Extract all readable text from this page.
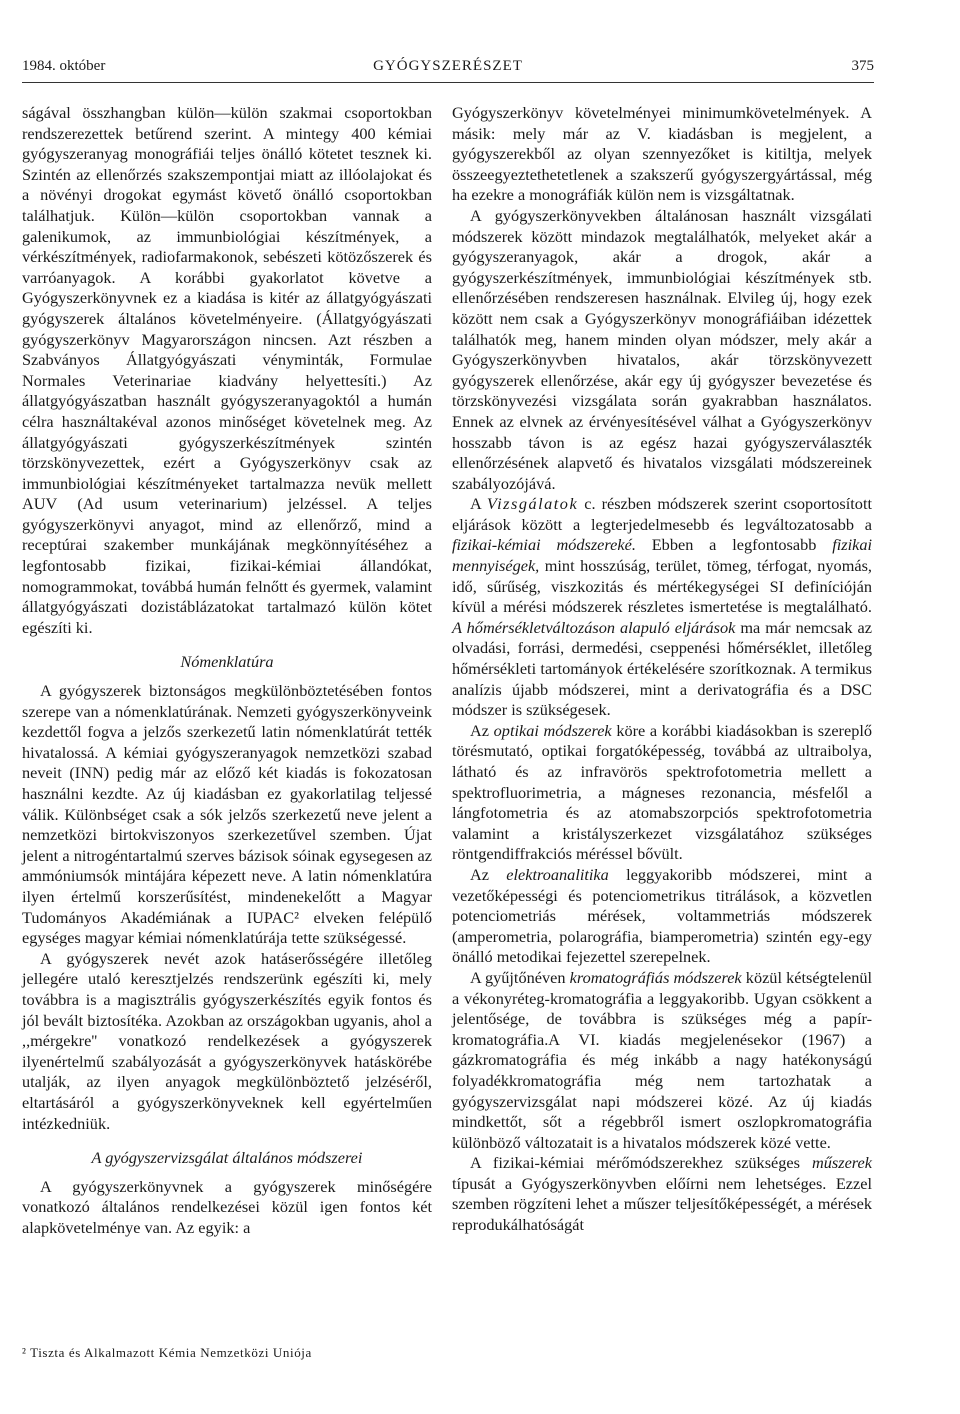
1984. október	GYÓGYSZERÉSZET	375

ságával összhangban külön—külön szakmai csoportokban rendszerezettek betűrend szerint. A mintegy 400 kémiai gyógyszeranyag monográfiái teljes önálló kötetet tesznek ki. Szintén az ellenőrzés szakszempontjai miatt az illóolajokat és a növényi drogokat egymást követő önálló csoportokban találhatjuk. Külön—külön csoportokban vannak a galenikumok, az immunbiológiai készítmények, a vérkészítmények, radiofarmakonok, sebészeti kötözőszerek és varróanyagok. A korábbi gyakorlatot követve a Gyógyszerkönyvnek ez a kiadása is kitér az állatgyógyászati gyógyszerek általános követelményeire. (Állatgyógyászati gyógyszerkönyv Magyarországon nincsen. Azt részben a Szabványos Állatgyógyászati vényminták, Formulae Normales Veterinariae kiadvány helyettesíti.) Az állatgyógyászatban használt gyógyszeranyagoktól a humán célra használtakéval azonos minőséget követelnek meg. Az állatgyógyászati gyógyszerkészítmények szintén törzskönyvezettek, ezért a Gyógyszerkönyv csak az immunbiológiai készítményeket tartalmazza nevük mellett AUV (Ad usum veterinarium) jelzéssel. A teljes gyógyszerkönyvi anyagot, mind az ellenőrző, mind a receptúrai szakember munkájának megkönnyítéséhez a legfontosabb fizikai, fizikai-kémiai állandókat, nomogrammokat, továbbá humán felnőtt és gyermek, valamint állatgyógyászati dozistáblázatokat tartalmazó külön kötet egészíti ki.

Nómenklatúra

A gyógyszerek biztonságos megkülönböztetésében fontos szerepe van a nómenklatúrának. Nemzeti gyógyszerkönyveink kezdettől fogva a jelzős szerkezetű latin nómenklatúrát tették hivatalossá. A kémiai gyógyszeranyagok nemzetközi szabad neveit (INN) pedig már az előző két kiadás is fokozatosan használni kezdte. Az új kiadásban ez gyakorlatilag teljessé válik. Különbséget csak a sók jelzős szerkezetű neve jelent a nemzetközi birtokviszonyos szerkezetűvel szemben. Újat jelent a nitrogéntartalmú szerves bázisok sóinak egysegesen az ammóniumsók mintájára képezett neve. A latin nómenklatúra ilyen értelmű korszerűsítést, mindenekelőtt a Magyar Tudományos Akadémiának a IUPAC² elveken felépülő egységes magyar kémiai nómenklatúrája tette szükségessé.

A gyógyszerek nevét azok hatáserősségére illetőleg jellegére utaló keresztjelzés rendszerünk egészíti ki, mely továbbra is a magisztrális gyógyszerkészítés egyik fontos és jól bevált biztosítéka. Azokban az országokban ugyanis, ahol a ,,mérgekre'' vonatkozó rendelkezések a gyógyszerek ilyenértelmű szabályozását a gyógyszerkönyvek hatáskörébe utalják, az ilyen anyagok megkülönböztető jelzéséről, eltartásáról a gyógyszerkönyveknek kell egyértelműen intézkedniük.

A gyógyszervizsgálat általános módszerei

A gyógyszerkönyvnek a gyógyszerek minőségére vonatkozó általános rendelkezései közül igen fontos két alapkövetelménye van. Az egyik: a

² Tiszta és Alkalmazott Kémia Nemzetközi Uniója

Gyógyszerkönyv követelményei minimumkövetelmények. A másik: mely már az V. kiadásban is megjelent, a gyógyszerekből az olyan szennyezőket is kitiltja, melyek összeegyeztethetetlenek a szakszerű gyógyszergyártással, még ha ezekre a monográfiák külön nem is vizsgáltatnak.

A gyógyszerkönyvekben általánosan használt vizsgálati módszerek között mindazok megtalálhatók, melyeket akár a gyógyszeranyagok, akár a drogok, akár a gyógyszerkészítmények, immunbiológiai készítmények stb. ellenőrzésében rendszeresen használnak. Elvileg új, hogy ezek között nem csak a Gyógyszerkönyv monográfiáiban idézettek találhatók meg, hanem minden olyan módszer, mely akár a Gyógyszerkönyvben hivatalos, akár törzskönyvezett gyógyszerek ellenőrzése, akár egy új gyógyszer bevezetése és törzskönyvezési vizsgálata során gyakrabban használatos. Ennek az elvnek az érvényesítésével válhat a Gyógyszerkönyv hosszabb távon is az egész hazai gyógyszerválaszték ellenőrzésének alapvető és hivatalos vizsgálati módszereinek szabályozójává.

A Vizsgálatok c. részben módszerek szerint csoportosított eljárások között a legterjedelmesebb és legváltozatosabb a fizikai-kémiai módszereké. Ebben a legfontosabb fizikai mennyiségek, mint hosszúság, terület, tömeg, térfogat, nyomás, idő, sűrűség, viszkozitás és mértékegységei SI definícióján kívül a mérési módszerek részletes ismertetése is megtalálható. A hőmérsékletváltozáson alapuló eljárások ma már nemcsak az olvadási, forrási, dermedési, cseppenési hőmérséklet, illetőleg hőmérsékleti tartományok értékelésére szorítkoznak. A termikus analízis újabb módszerei, mint a derivatográfia és a DSC módszer is szükségesek.

Az optikai módszerek köre a korábbi kiadásokban is szereplő törésmutató, optikai forgatóképesség, továbbá az ultraibolya, látható és az infravörös spektrofotometria mellett a spektrofluorimetria, a mágneses rezonancia, mésfelől a lángfotometria és az atomabszorpciós spektrofotometria valamint a kristályszerkezet vizsgálatához szükséges röntgendiffrakciós méréssel bővült.

Az elektroanalitika leggyakoribb módszerei, mint a vezetőképességi és potenciometrikus titrálások, a közvetlen potenciometriás mérések, voltammetriás módszerek (amperometria, polarográfia, biamperometria) szintén egy-egy önálló metodikai fejezettel szerepelnek.

A gyűjtőnéven kromatográfiás módszerek közül kétségtelenül a vékonyréteg-kromatográfia a leggyakoribb. Ugyan csökkent a jelentősége, de továbbra is szükséges még a papír-kromatográfia.A VI. kiadás megjelenésekor (1967) a gázkromatográfia és még inkább a nagy hatékonyságú folyadékkromatográfia még nem tartozhatak a gyógyszervizsgálat napi módszerei közé. Az új kiadás mindkettőt, sőt a régebbről ismert oszlopkromatográfia különböző változatait is a hivatalos módszerek közé vette.

A fizikai-kémiai mérőmódszerekhez szükséges műszerek típusát a Gyógyszerkönyvben előírni nem lehetséges. Ezzel szemben rögzíteni lehet a műszer teljesítőképességét, a mérések reprodukálhatóságát
